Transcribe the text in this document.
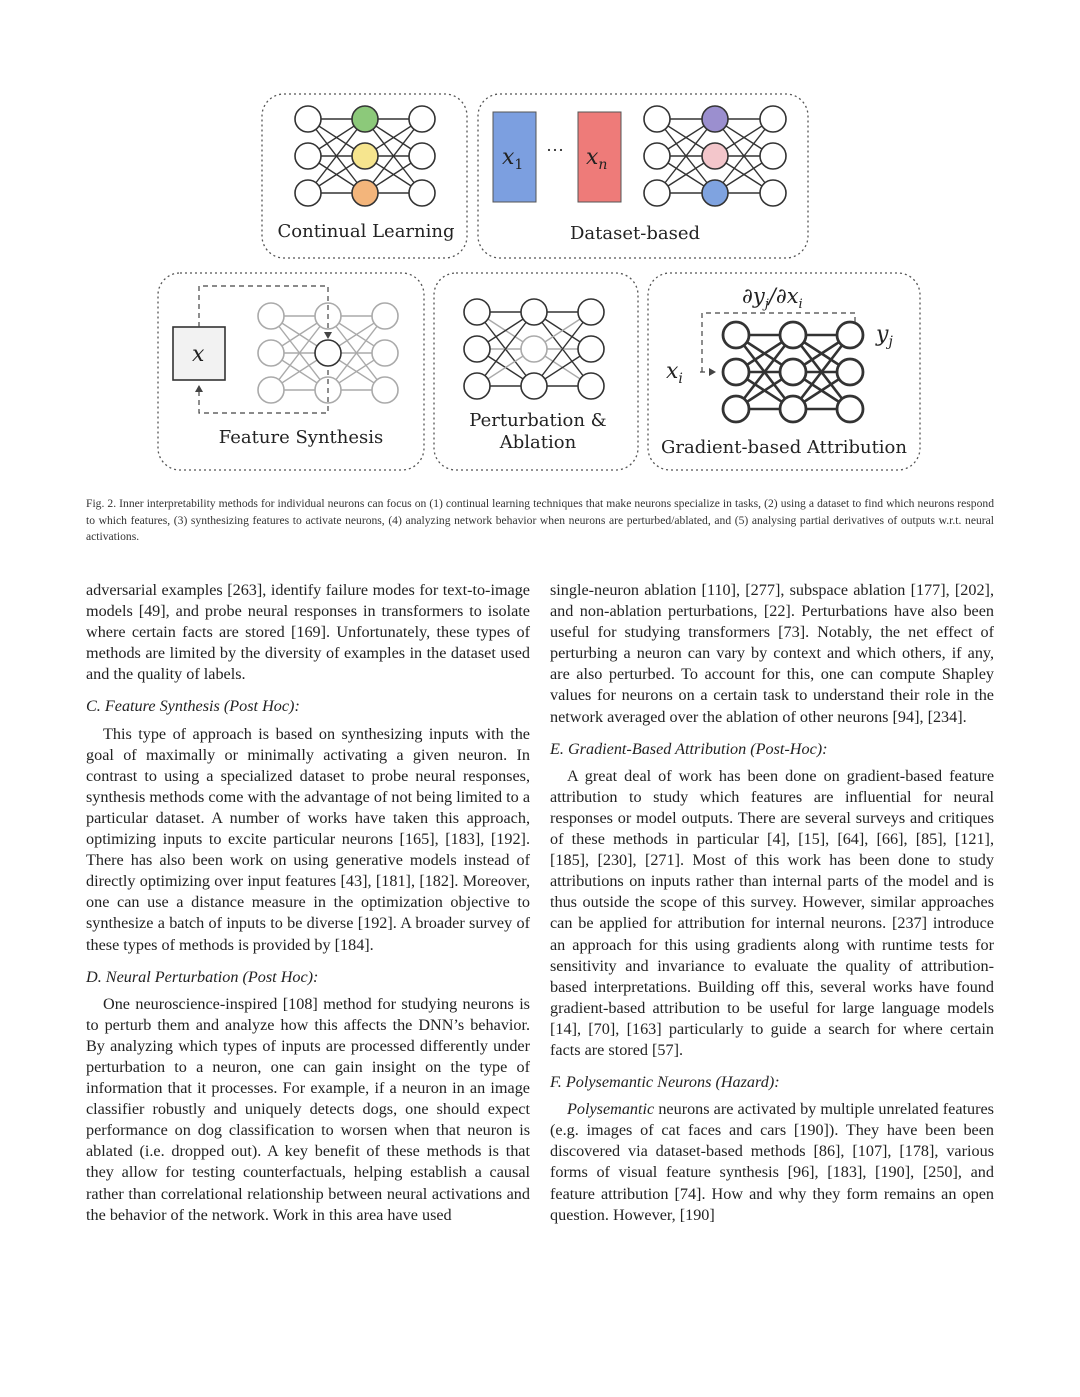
$x_1$
··· $x_n$
x
$\partial y_j/\partial x_i$
$x_i$
$y_j$
Continual Learning	Dataset-based
Feature Synthesis
Perturbation &
Ablation	Gradient-based Attribution
Fig. 2. Inner interpretability methods for individual neurons can focus on (1) continual learning techniques that make neurons specialize in tasks, (2) using a dataset to find which neurons respond to which features, (3) synthesizing features to activate neurons, (4) analyzing network behavior when neurons are perturbed/ablated, and (5) analysing partial derivatives of outputs w.r.t. neural activations.

adversarial examples [263], identify failure modes for text-to-image models [49], and probe neural responses in transformers to isolate where certain facts are stored [169]. Unfortunately, these types of methods are limited by the diversity of examples in the dataset used and the quality of labels.

C. Feature Synthesis (Post Hoc):

This type of approach is based on synthesizing inputs with the goal of maximally or minimally activating a given neuron. In contrast to using a specialized dataset to probe neural responses, synthesis methods come with the advantage of not being limited to a particular dataset. A number of works have taken this approach, optimizing inputs to excite particular neurons [165], [183], [192]. There has also been work on using generative models instead of directly optimizing over input features [43], [181], [182]. Moreover, one can use a distance measure in the optimization objective to synthesize a batch of inputs to be diverse [192]. A broader survey of these types of methods is provided by [184].

D. Neural Perturbation (Post Hoc):

One neuroscience-inspired [108] method for studying neurons is to perturb them and analyze how this affects the DNN’s behavior. By analyzing which types of inputs are processed differently under perturbation to a neuron, one can gain insight on the type of information that it processes. For example, if a neuron in an image classifier robustly and uniquely detects dogs, one should expect performance on dog classification to worsen when that neuron is ablated (i.e. dropped out). A key benefit of these methods is that they allow for testing counterfactuals, helping establish a causal rather than correlational relationship between neural activations and the behavior of the network. Work in this area have used

single-neuron ablation [110], [277], subspace ablation [177], [202], and non-ablation perturbations, [22]. Perturbations have also been useful for studying transformers [73]. Notably, the net effect of perturbing a neuron can vary by context and which others, if any, are also perturbed. To account for this, one can compute Shapley values for neurons on a certain task to understand their role in the network averaged over the ablation of other neurons [94], [234].

E. Gradient-Based Attribution (Post-Hoc):

A great deal of work has been done on gradient-based feature attribution to study which features are influential for neural responses or model outputs. There are several surveys and critiques of these methods in particular [4], [15], [64], [66], [85], [121], [185], [230], [271]. Most of this work has been done to study attributions on inputs rather than internal parts of the model and is thus outside the scope of this survey. However, similar approaches can be applied for attribution for internal neurons. [237] introduce an approach for this using gradients along with runtime tests for sensitivity and invariance to evaluate the quality of attribution-based interpretations. Building off this, several works have found gradient-based attribution to be useful for large language models [14], [70], [163] particularly to guide a search for where certain facts are stored [57].

F. Polysemantic Neurons (Hazard):

Polysemantic neurons are activated by multiple unrelated features (e.g. images of cat faces and cars [190]). They have been been discovered via dataset-based methods [86], [107], [178], various forms of visual feature synthesis [96], [183], [190], [250], and feature attribution [74]. How and why they form remains an open question. However, [190]
